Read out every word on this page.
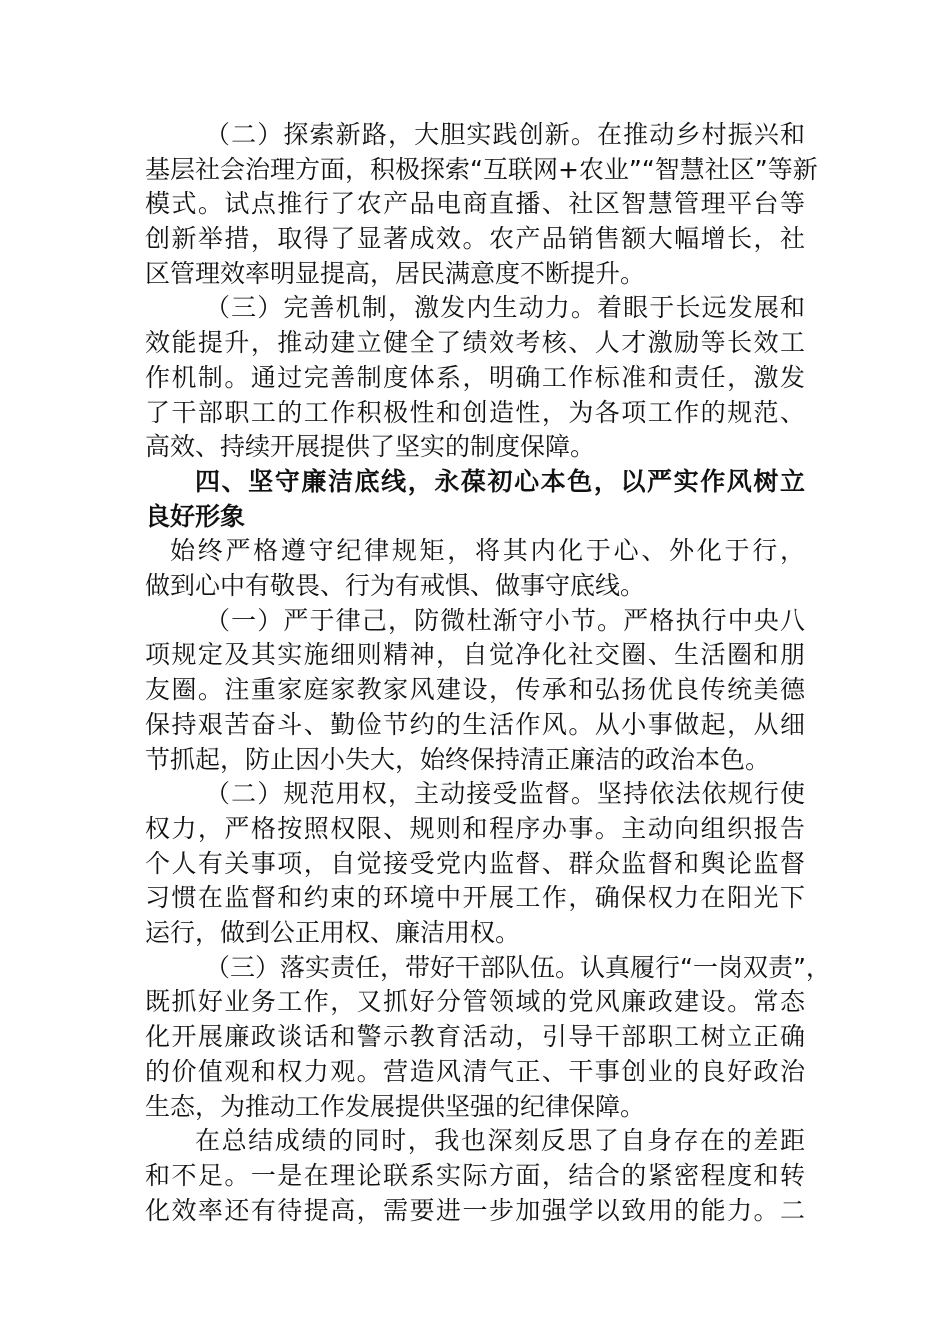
（二）探索新路，大胆实践创新。在推动乡村振兴和
基层社会治理方面，积极探索“互联网+农业”“智慧社区”等新
模式。试点推行了农产品电商直播、社区智慧管理平台等
创新举措，取得了显著成效。农产品销售额大幅增长，社
区管理效率明显提高，居民满意度不断提升。
（三）完善机制，激发内生动力。着眼于长远发展和
效能提升，推动建立健全了绩效考核、人才激励等长效工
作机制。通过完善制度体系，明确工作标准和责任，激发
了干部职工的工作积极性和创造性，为各项工作的规范、
高效、持续开展提供了坚实的制度保障。
四、坚守廉洁底线，永葆初心本色，以严实作风树立
良好形象
始终严格遵守纪律规矩，将其内化于心、外化于行，
做到心中有敬畏、行为有戒惧、做事守底线。
（一）严于律己，防微杜渐守小节。严格执行中央八
项规定及其实施细则精神，自觉净化社交圈、生活圈和朋
友圈。注重家庭家教家风建设，传承和弘扬优良传统美德
保持艰苦奋斗、勤俭节约的生活作风。从小事做起，从细
节抓起，防止因小失大，始终保持清正廉洁的政治本色。
（二）规范用权，主动接受监督。坚持依法依规行使
权力，严格按照权限、规则和程序办事。主动向组织报告
个人有关事项，自觉接受党内监督、群众监督和舆论监督
习惯在监督和约束的环境中开展工作，确保权力在阳光下
运行，做到公正用权、廉洁用权。
（三）落实责任，带好干部队伍。认真履行“一岗双责”，
既抓好业务工作，又抓好分管领域的党风廉政建设。常态
化开展廉政谈话和警示教育活动，引导干部职工树立正确
的价值观和权力观。营造风清气正、干事创业的良好政治
生态，为推动工作发展提供坚强的纪律保障。
在总结成绩的同时，我也深刻反思了自身存在的差距
和不足。一是在理论联系实际方面，结合的紧密程度和转
化效率还有待提高，需要进一步加强学以致用的能力。二
